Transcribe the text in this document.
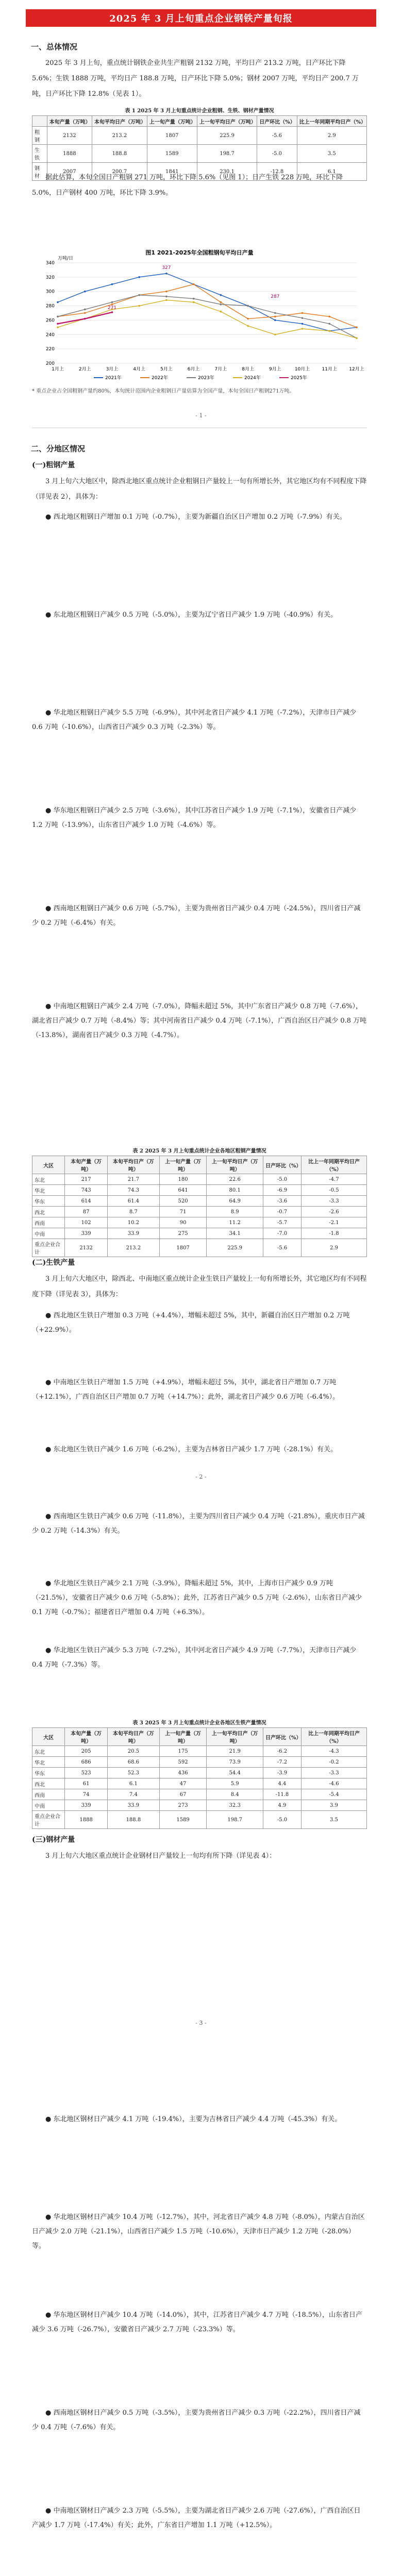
2025 年 3 月上旬重点企业钢铁产量旬报
一、总体情况
2025 年 3 月上旬，重点统计钢铁企业共生产粗钢 2132 万吨，平均日产 213.2 万吨，日产环比下降 5.6%；生铁 1888 万吨，平均日产 188.8 万吨，日产环比下降 5.0%；钢材 2007 万吨，平均日产 200.7 万吨，日产环比下降 12.8%（见表 1）。
表 1 2025 年 3 月上旬重点统计企业粗钢、生铁、钢材产量情况
	本旬产量（万吨）	本旬平均日产（万吨）	上一旬产量（万吨）	上一旬平均日产（万吨）	日产环比（%）	比上一年同期平均日产（%）
粗钢	2132	213.2	1807	225.9	-5.6	2.9
生铁	1888	188.8	1589	198.7	-5.0	3.5
钢材	2007	200.7	1841	230.1	-12.8	6.1
据此估算，本旬全国日产粗钢 271 万吨，环比下降 5.6%（见图 1）；日产生铁 228 万吨，环比下降 5.0%，日产钢材 400 万吨，环比下降 3.9%。
图1 2021-2025年全国粗钢旬平均日产量
200
220
240
260
280
300
320
340
1月上	2月上	3月上	4月上	5月上	6月上	7月上	8月上	9月上	10月上	11月上	12月上
万吨/日
2021年	2022年	2023年	2024年	2025年
271
327
287
* 重点企业占全国粗钢产量约80%，本旬统计范围内企业粗钢日产量估算为全国产量，本旬全国日产粗钢271万吨。
- 1 -
二、分地区情况
(一)粗钢产量
3 月上旬六大地区中，除西北地区重点统计企业粗钢日产量较上一旬有所增长外，其它地区均有不同程度下降（详见表 2），具体为：
● 西北地区粗钢日产增加 0.1 万吨（-0.7%），主要为新疆自治区日产增加 0.2 万吨（-7.9%）有关。
● 东北地区粗钢日产减少 0.5 万吨（-5.0%），主要为辽宁省日产减少 1.9 万吨（-40.9%）有关。
● 华北地区粗钢日产减少 5.5 万吨（-6.9%），其中河北省日产减少 4.1 万吨（-7.2%），天津市日产减少 0.6 万吨（-10.6%），山西省日产减少 0.3 万吨（-2.3%）等。
● 华东地区粗钢日产减少 2.5 万吨（-3.6%），其中江苏省日产减少 1.9 万吨（-7.1%），安徽省日产减少 1.2 万吨（-13.9%），山东省日产减少 1.0 万吨（-4.6%）等。
● 西南地区粗钢日产减少 0.6 万吨（-5.7%），主要为贵州省日产减少 0.4 万吨（-24.5%），四川省日产减少 0.2 万吨（-6.4%）有关。
● 中南地区粗钢日产减少 2.4 万吨（-7.0%），降幅未超过 5%，其中广东省日产减少 0.8 万吨（-7.6%），湖北省日产减少 0.7 万吨（-8.4%）等；其中河南省日产减少 0.4 万吨（-7.1%），广西自治区日产减少 0.8 万吨（-13.8%），湖南省日产减少 0.3 万吨（-4.7%）。
表 2 2025 年 3 月上旬重点统计企业各地区粗钢产量情况
大区	本旬产量（万吨）	本旬平均日产（万吨）	上一旬产量（万吨）	上一旬平均日产（万吨）	日产环比（%）	比上一年同期平均日产（%）
东北	217	21.7	180	22.6	-5.0	-4.7
华北	743	74.3	641	80.1	-6.9	-0.5
华东	614	61.4	520	64.9	-3.6	-3.3
西北	87	8.7	71	8.9	-0.7	-2.6
西南	102	10.2	90	11.2	-5.7	-2.1
中南	339	33.9	275	34.1	-7.0	-1.8
重点企业合计	2132	213.2	1807	225.9	-5.6	2.9
(二)生铁产量
3 月上旬六大地区中，除西北、中南地区重点统计企业生铁日产量较上一旬有所增长外，其它地区均有不同程度下降（详见表 3），具体为：
● 西北地区生铁日产增加 0.3 万吨（+4.4%），增幅未超过 5%，其中，新疆自治区日产增加 0.2 万吨（+22.9%）。
● 中南地区生铁日产增加 1.5 万吨（+4.9%），增幅未超过 5%，其中，湖北省日产增加 0.7 万吨（+12.1%），广西自治区日产增加 0.7 万吨（+14.7%）；此外，湖北省日产减少 0.6 万吨（-6.4%）。
● 东北地区生铁日产减少 1.6 万吨（-6.2%），主要为吉林省日产减少 1.7 万吨（-28.1%）有关。
● 西南地区生铁日产减少 0.6 万吨（-11.8%），主要为四川省日产减少 0.4 万吨（-21.8%），重庆市日产减少 0.2 万吨（-14.3%）有关。
● 华北地区生铁日产减少 2.1 万吨（-3.9%），降幅未超过 5%，其中，上海市日产减少 0.9 万吨（-21.5%），安徽省日产减少 0.6 万吨（-5.8%）；此外，江苏省日产减少 0.5 万吨（-2.6%），山东省日产减少 0.1 万吨（-0.7%）；福建省日产增加 0.4 万吨（+6.3%）。
● 华北地区生铁日产减少 5.3 万吨（-7.2%），其中河北省日产减少 4.9 万吨（-7.7%），天津市日产减少 0.4 万吨（-7.3%）等。
- 2 -
表 3 2025 年 3 月上旬重点统计企业各地区生铁产量情况
大区	本旬产量（万吨）	本旬平均日产（万吨）	上一旬产量（万吨）	上一旬平均日产（万吨）	日产环比（%）	比上一年同期平均日产（%）
东北	205	20.5	175	21.9	-6.2	-4.3
华北	686	68.6	592	73.9	-7.2	-0.2
华东	523	52.3	436	54.4	-3.9	-3.3
西北	61	6.1	47	5.9	4.4	-4.6
西南	74	7.4	67	8.4	-11.8	-5.4
中南	339	33.9	273	32.3	4.9	3.9
重点企业合计	1888	188.8	1589	198.7	-5.0	3.5
(三)钢材产量
3 月上旬六大地区重点统计企业钢材日产量较上一旬均有所下降（详见表 4）：
● 东北地区钢材日产减少 4.1 万吨（-19.4%），主要为吉林省日产减少 4.4 万吨（-45.3%）有关。
● 华北地区钢材日产减少 10.4 万吨（-12.7%），其中，河北省日产减少 4.8 万吨（-8.0%），内蒙古自治区日产减少 2.0 万吨（-21.1%），山西省日产减少 1.5 万吨（-10.6%），天津市日产减少 1.2 万吨（-28.0%）等。
● 华东地区钢材日产减少 10.4 万吨（-14.0%），其中，江苏省日产减少 4.7 万吨（-18.5%），山东省日产减少 3.6 万吨（-26.7%），安徽省日产减少 2.7 万吨（-23.3%）等。
● 西南地区钢材日产减少 0.5 万吨（-3.5%），主要为贵州省日产减少 0.3 万吨（-22.2%），四川省日产减少 0.4 万吨（-7.6%）有关。
● 中南地区钢材日产减少 2.3 万吨（-5.5%），主要为湖北省日产减少 2.6 万吨（-27.6%），广西自治区日产减少 1.7 万吨（-17.4%）有关；此外，广东省日产增加 1.1 万吨（+12.5%）。
- 3 -
